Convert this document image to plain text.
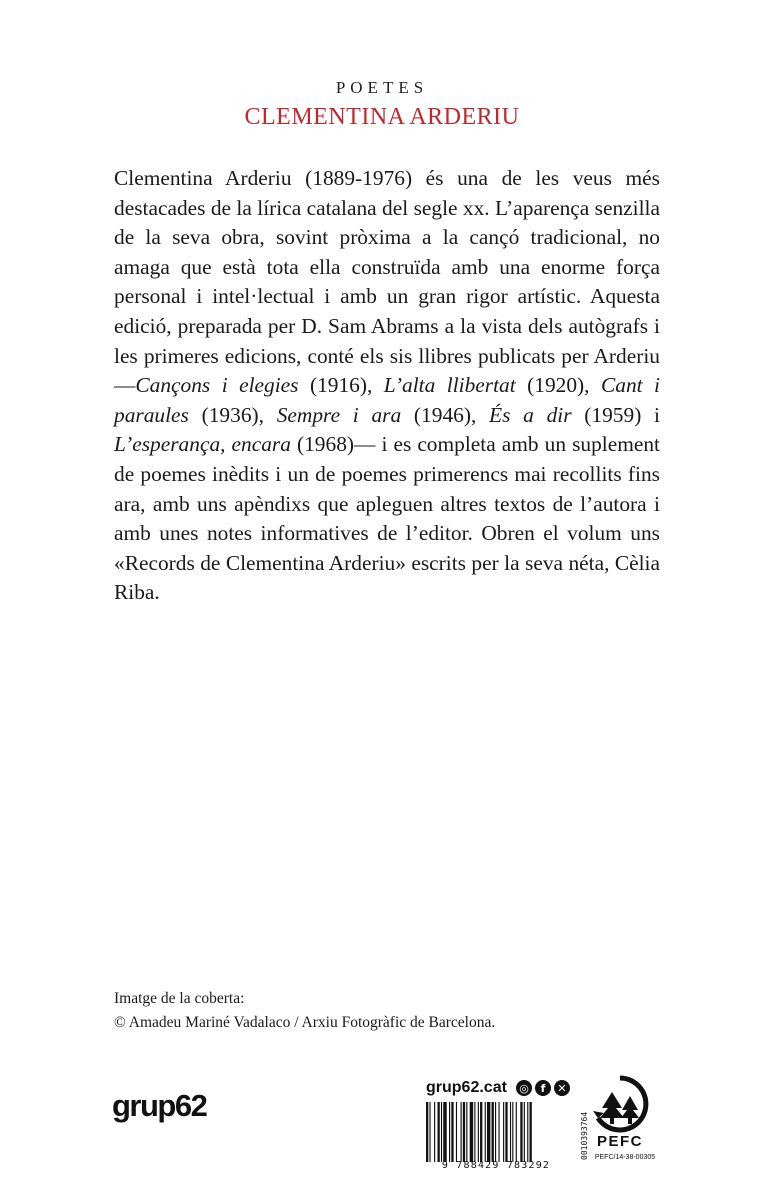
POETES
CLEMENTINA ARDERIU
Clementina Arderiu (1889-1976) és una de les veus més destacades de la lírica catalana del segle xx. L’aparença senzilla de la seva obra, sovint pròxima a la cançó tradicional, no amaga que està tota ella construïda amb una enorme força personal i intel·lectual i amb un gran rigor artístic. Aquesta edició, preparada per D. Sam Abrams a la vista dels autògrafs i les primeres edicions, conté els sis llibres publicats per Arderiu —Cançons i elegies (1916), L’alta llibertat (1920), Cant i paraules (1936), Sempre i ara (1946), És a dir (1959) i L’esperança, encara (1968)— i es completa amb un suplement de poemes inèdits i un de poemes primerencs mai recollits fins ara, amb uns apèndixs que apleguen altres textos de l’autora i amb unes notes informatives de l’editor. Obren el volum uns «Records de Clementina Arderiu» escrits per la seva néta, Cèlia Riba.
Imatge de la coberta:
© Amadeu Mariné Vadalaco / Arxiu Fotogràfic de Barcelona.
grup62
grup62.cat ◎	f	✕
9 788429 783292
0010393764 PEFC
PEFC/14-38-00305
